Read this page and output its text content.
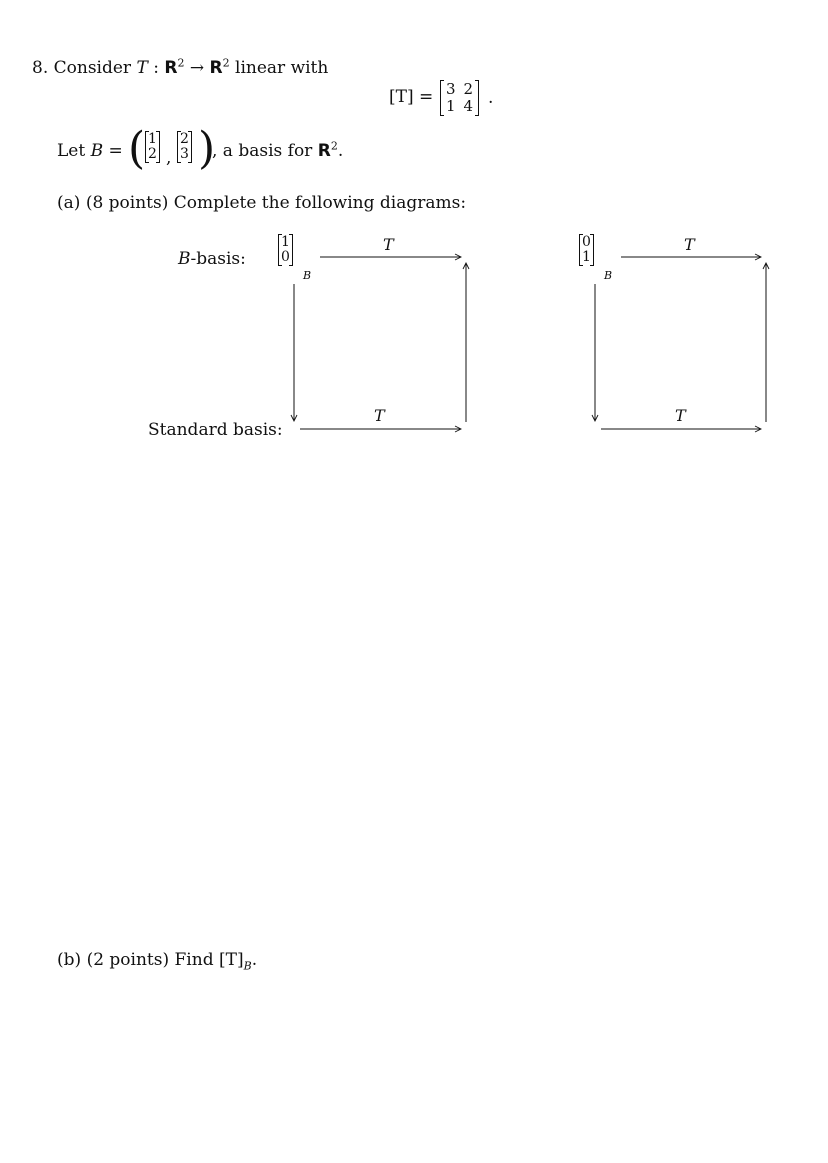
8. Consider T : $R^2 \to R^2$ linear with
[T] = 3	2
1	4 .
Let B = ( 1
2 ,
2
3 )
, a basis for $R^2$.
(a) (8 points) Complete the following diagrams:
B-basis:
Standard basis:
1
0
B
0
1
B
T
T
T
T
(b) (2 points) Find $[T]_B$.
